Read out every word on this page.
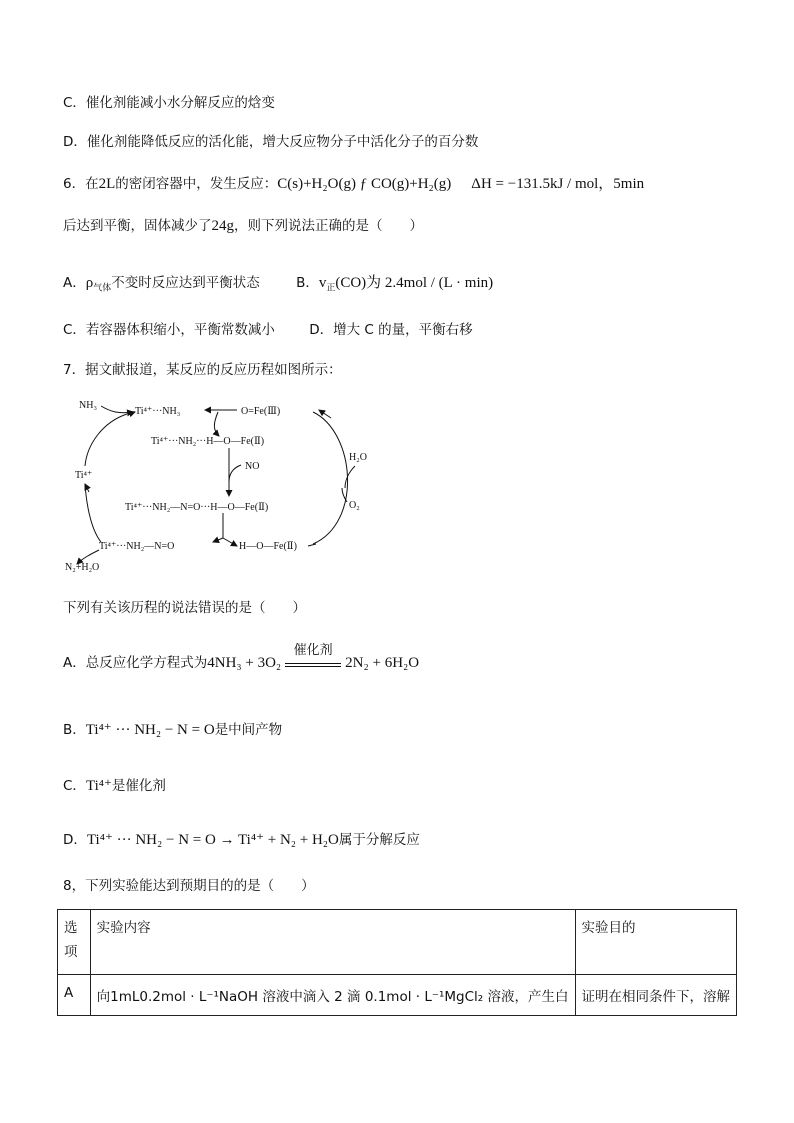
C．催化剂能减小水分解反应的焓变
D．催化剂能降低反应的活化能，增大反应物分子中活化分子的百分数
6．在2L的密闭容器中，发生反应：C(s)+H₂O(g) ƒ CO(g)+H₂(g) ΔH = −131.5kJ / mol，5min
后达到平衡，固体减少了24g，则下列说法正确的是（　　）
A．$\rho_{气体}$不变时反应达到平衡状态	B．$v_正(CO)$为 2.4mol / (L · min)
C．若容器体积缩小，平衡常数减小	D．增大 C 的量，平衡右移
7．据文献报道，某反应的反应历程如图所示：
NH₃
Ti⁴⁺···NH₃	O=Fe(Ⅲ)
Ti⁴⁺···NH₂···H—O—Fe(Ⅱ)
NO
Ti⁴⁺···NH₂—N=O···H—O—Fe(Ⅱ)
Ti⁴⁺···NH₂—N=O	H—O—Fe(Ⅱ)
H₂O
O₂
Ti⁴⁺
N₂+H₂O
下列有关该历程的说法错误的是（　　）
A．总反应化学方程式为4NH₃ + 3O₂
催化剂
2N₂ + 6H₂O
B．Ti⁴⁺ ··· NH₂ − N = O是中间产物
C．Ti⁴⁺是催化剂
D．Ti⁴⁺ ··· NH₂ − N = O → Ti⁴⁺ + N₂ + H₂O属于分解反应
8，下列实验能达到预期目的的是（　　）
选项	实验内容	实验目的
A	向1mL0.2mol · L⁻¹NaOH 溶液中滴入 2 滴 0.1mol · L⁻¹MgCl₂ 溶液，产生白	证明在相同条件下，溶解
